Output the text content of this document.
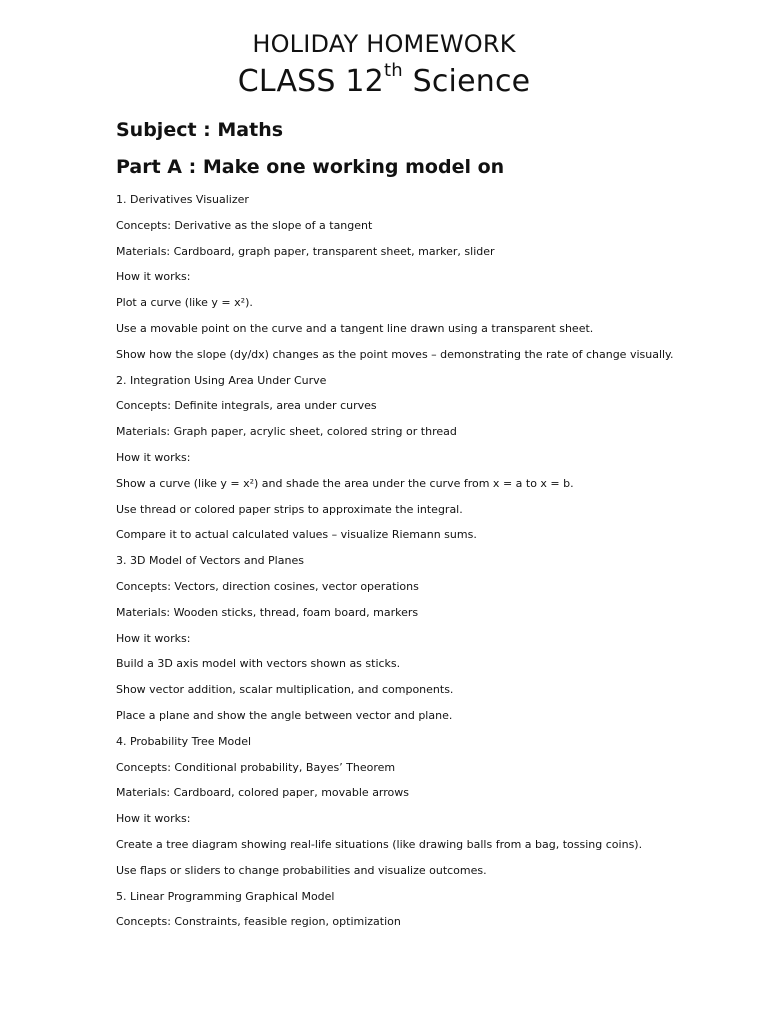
HOLIDAY HOMEWORK
CLASS 12th Science
Subject : Maths
Part A : Make one working model on

1. Derivatives Visualizer

Concepts: Derivative as the slope of a tangent

Materials: Cardboard, graph paper, transparent sheet, marker, slider

How it works:

Plot a curve (like y = x²).

Use a movable point on the curve and a tangent line drawn using a transparent sheet.

Show how the slope (dy/dx) changes as the point moves – demonstrating the rate of change visually.

2. Integration Using Area Under Curve

Concepts: Definite integrals, area under curves

Materials: Graph paper, acrylic sheet, colored string or thread

How it works:

Show a curve (like y = x²) and shade the area under the curve from x = a to x = b.

Use thread or colored paper strips to approximate the integral.

Compare it to actual calculated values – visualize Riemann sums.

3. 3D Model of Vectors and Planes

Concepts: Vectors, direction cosines, vector operations

Materials: Wooden sticks, thread, foam board, markers

How it works:

Build a 3D axis model with vectors shown as sticks.

Show vector addition, scalar multiplication, and components.

Place a plane and show the angle between vector and plane.

4. Probability Tree Model

Concepts: Conditional probability, Bayes’ Theorem

Materials: Cardboard, colored paper, movable arrows

How it works:

Create a tree diagram showing real-life situations (like drawing balls from a bag, tossing coins).

Use flaps or sliders to change probabilities and visualize outcomes.

5. Linear Programming Graphical Model

Concepts: Constraints, feasible region, optimization
